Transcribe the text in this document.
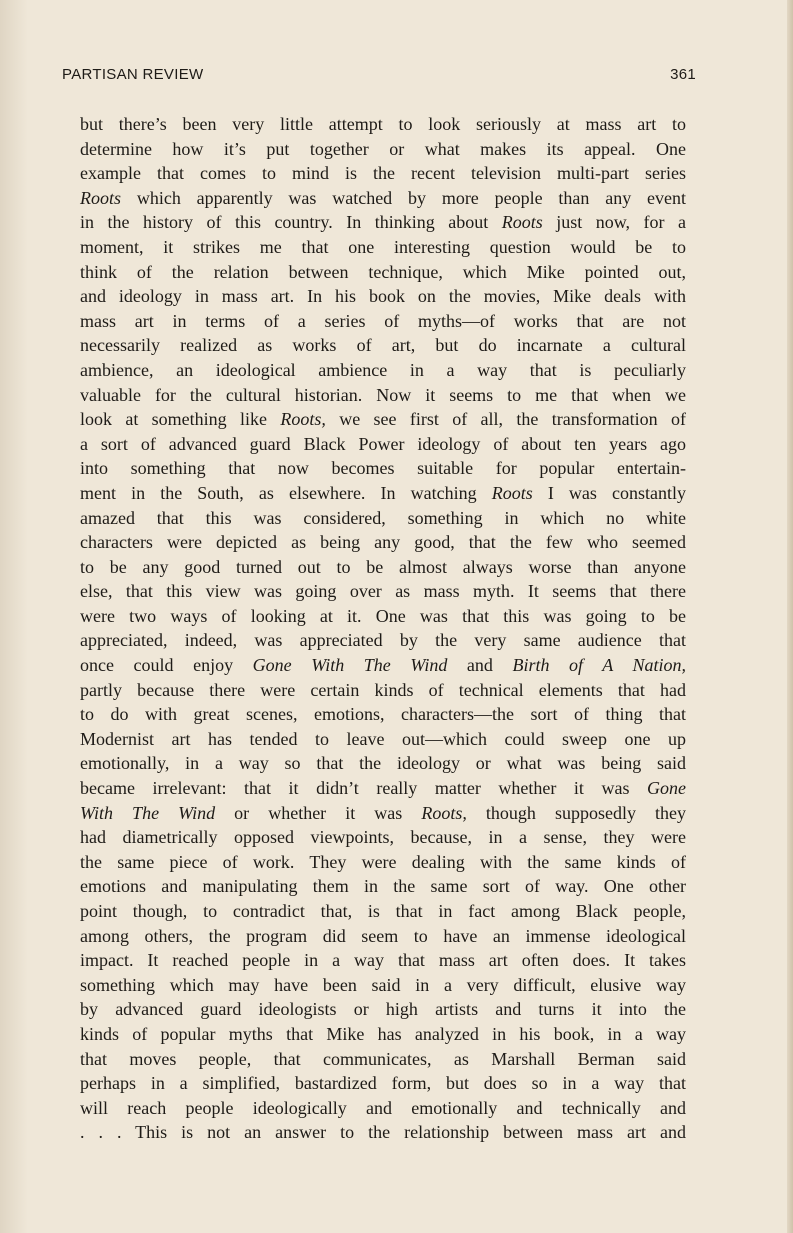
PARTISAN REVIEW	361
but there’s been very little attempt to look seriously at mass art to
determine how it’s put together or what makes its appeal. One
example that comes to mind is the recent television multi-part series
Roots which apparently was watched by more people than any event
in the history of this country. In thinking about Roots just now, for a
moment, it strikes me that one interesting question would be to
think of the relation between technique, which Mike pointed out,
and ideology in mass art. In his book on the movies, Mike deals with
mass art in terms of a series of myths—of works that are not
necessarily realized as works of art, but do incarnate a cultural
ambience, an ideological ambience in a way that is peculiarly
valuable for the cultural historian. Now it seems to me that when we
look at something like Roots, we see first of all, the transformation of
a sort of advanced guard Black Power ideology of about ten years ago
into something that now becomes suitable for popular entertain-
ment in the South, as elsewhere. In watching Roots I was constantly
amazed that this was considered, something in which no white
characters were depicted as being any good, that the few who seemed
to be any good turned out to be almost always worse than anyone
else, that this view was going over as mass myth. It seems that there
were two ways of looking at it. One was that this was going to be
appreciated, indeed, was appreciated by the very same audience that
once could enjoy Gone With The Wind and Birth of A Nation,
partly because there were certain kinds of technical elements that had
to do with great scenes, emotions, characters—the sort of thing that
Modernist art has tended to leave out—which could sweep one up
emotionally, in a way so that the ideology or what was being said
became irrelevant: that it didn’t really matter whether it was Gone
With The Wind or whether it was Roots, though supposedly they
had diametrically opposed viewpoints, because, in a sense, they were
the same piece of work. They were dealing with the same kinds of
emotions and manipulating them in the same sort of way. One other
point though, to contradict that, is that in fact among Black people,
among others, the program did seem to have an immense ideological
impact. It reached people in a way that mass art often does. It takes
something which may have been said in a very difficult, elusive way
by advanced guard ideologists or high artists and turns it into the
kinds of popular myths that Mike has analyzed in his book, in a way
that moves people, that communicates, as Marshall Berman said
perhaps in a simplified, bastardized form, but does so in a way that
will reach people ideologically and emotionally and technically and
. . . This is not an answer to the relationship between mass art and
